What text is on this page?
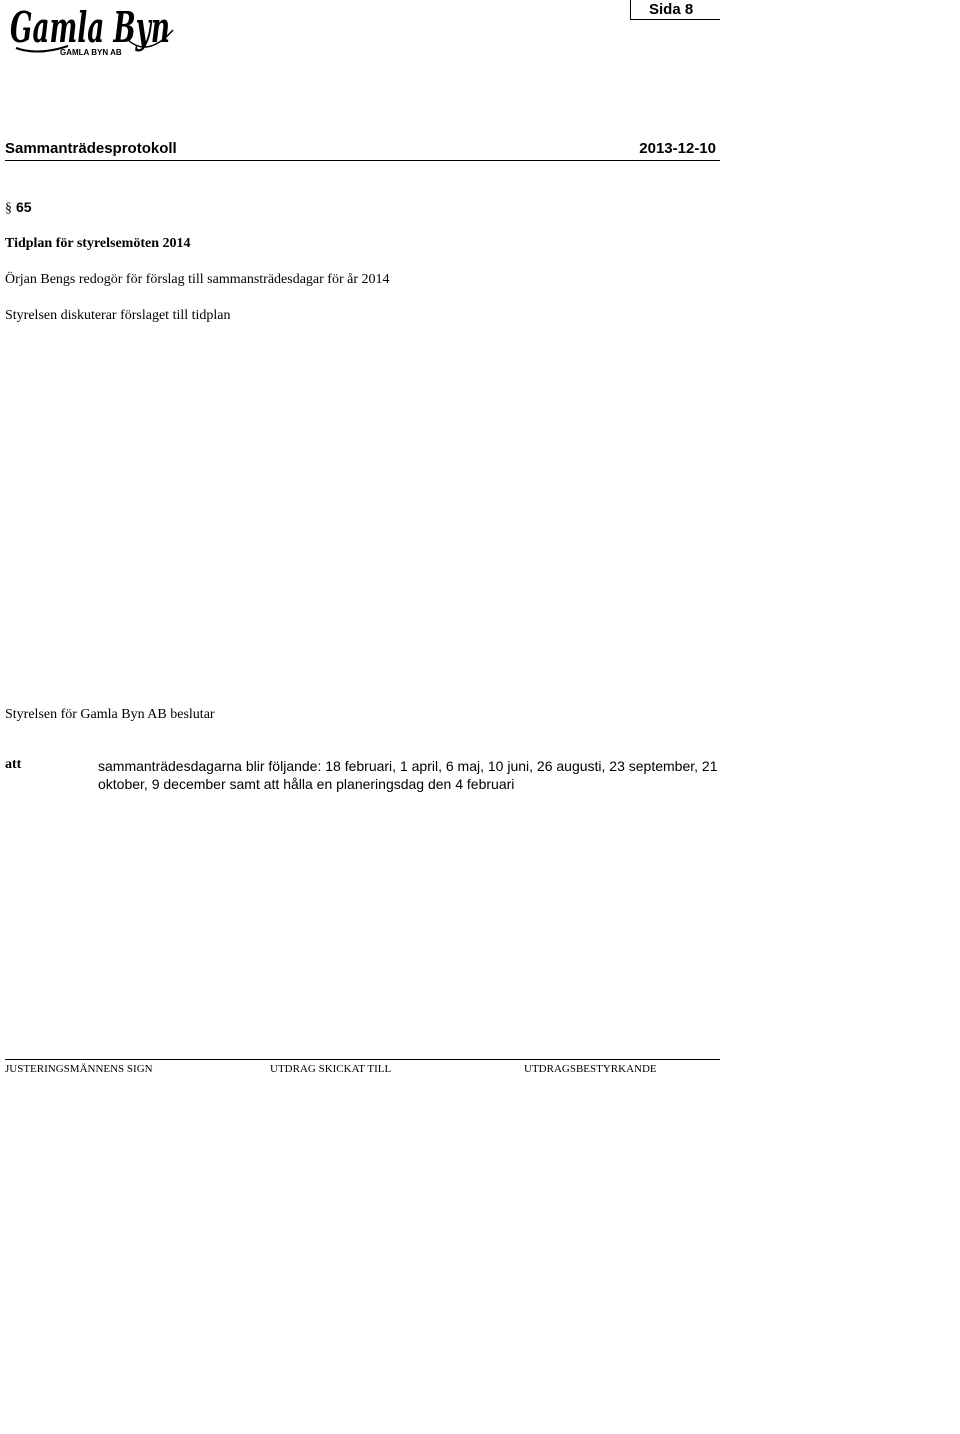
Gamla Byn
GAMLA BYN AB
Sida 8
Sammanträdesprotokoll	2013-12-10
§ 65
Tidplan för styrelsemöten 2014
Örjan Bengs redogör för förslag till sammansträdesdagar för år 2014
Styrelsen diskuterar förslaget till tidplan
Styrelsen för Gamla Byn AB beslutar
att	sammanträdesdagarna blir följande: 18 februari, 1 april, 6 maj, 10 juni, 26 augusti, 23 september, 21 oktober, 9 december samt att hålla en planeringsdag den 4 februari
JUSTERINGSMÄNNENS SIGN	UTDRAG SKICKAT TILL	UTDRAGSBESTYRKANDE
